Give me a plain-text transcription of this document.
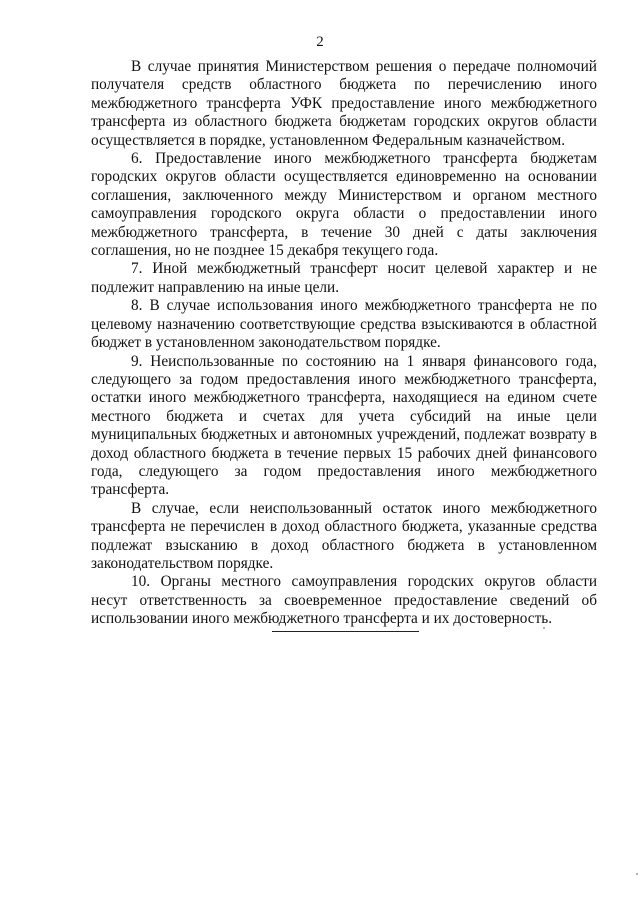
2

В случае принятия Министерством решения о передаче полномочий получателя средств областного бюджета по перечислению иного межбюджетного трансферта УФК предоставление иного межбюджетного трансферта из областного бюджета бюджетам городских округов области осуществляется в порядке, установленном Федеральным казначейством.

6. Предоставление иного межбюджетного трансферта бюджетам городских округов области осуществляется единовременно на основании соглашения, заключенного между Министерством и органом местного самоуправления городского округа области о предоставлении иного межбюджетного трансферта, в течение 30 дней с даты заключения соглашения, но не позднее 15 декабря текущего года.

7. Иной межбюджетный трансферт носит целевой характер и не подлежит направлению на иные цели.

8. В случае использования иного межбюджетного трансферта не по целевому назначению соответствующие средства взыскиваются в областной бюджет в установленном законодательством порядке.

9. Неиспользованные по состоянию на 1 января финансового года, следующего за годом предоставления иного межбюджетного трансферта, остатки иного межбюджетного трансферта, находящиеся на едином счете местного бюджета и счетах для учета субсидий на иные цели муниципальных бюджетных и автономных учреждений, подлежат возврату в доход областного бюджета в течение первых 15 рабочих дней финансового года, следующего за годом предоставления иного межбюджетного трансферта.

В случае, если неиспользованный остаток иного межбюджетного трансферта не перечислен в доход областного бюджета, указанные средства подлежат взысканию в доход областного бюджета в установленном законодательством порядке.

10. Органы местного самоуправления городских округов области несут ответственность за своевременное предоставление сведений об использовании иного межбюджетного трансферта и их достоверность.
